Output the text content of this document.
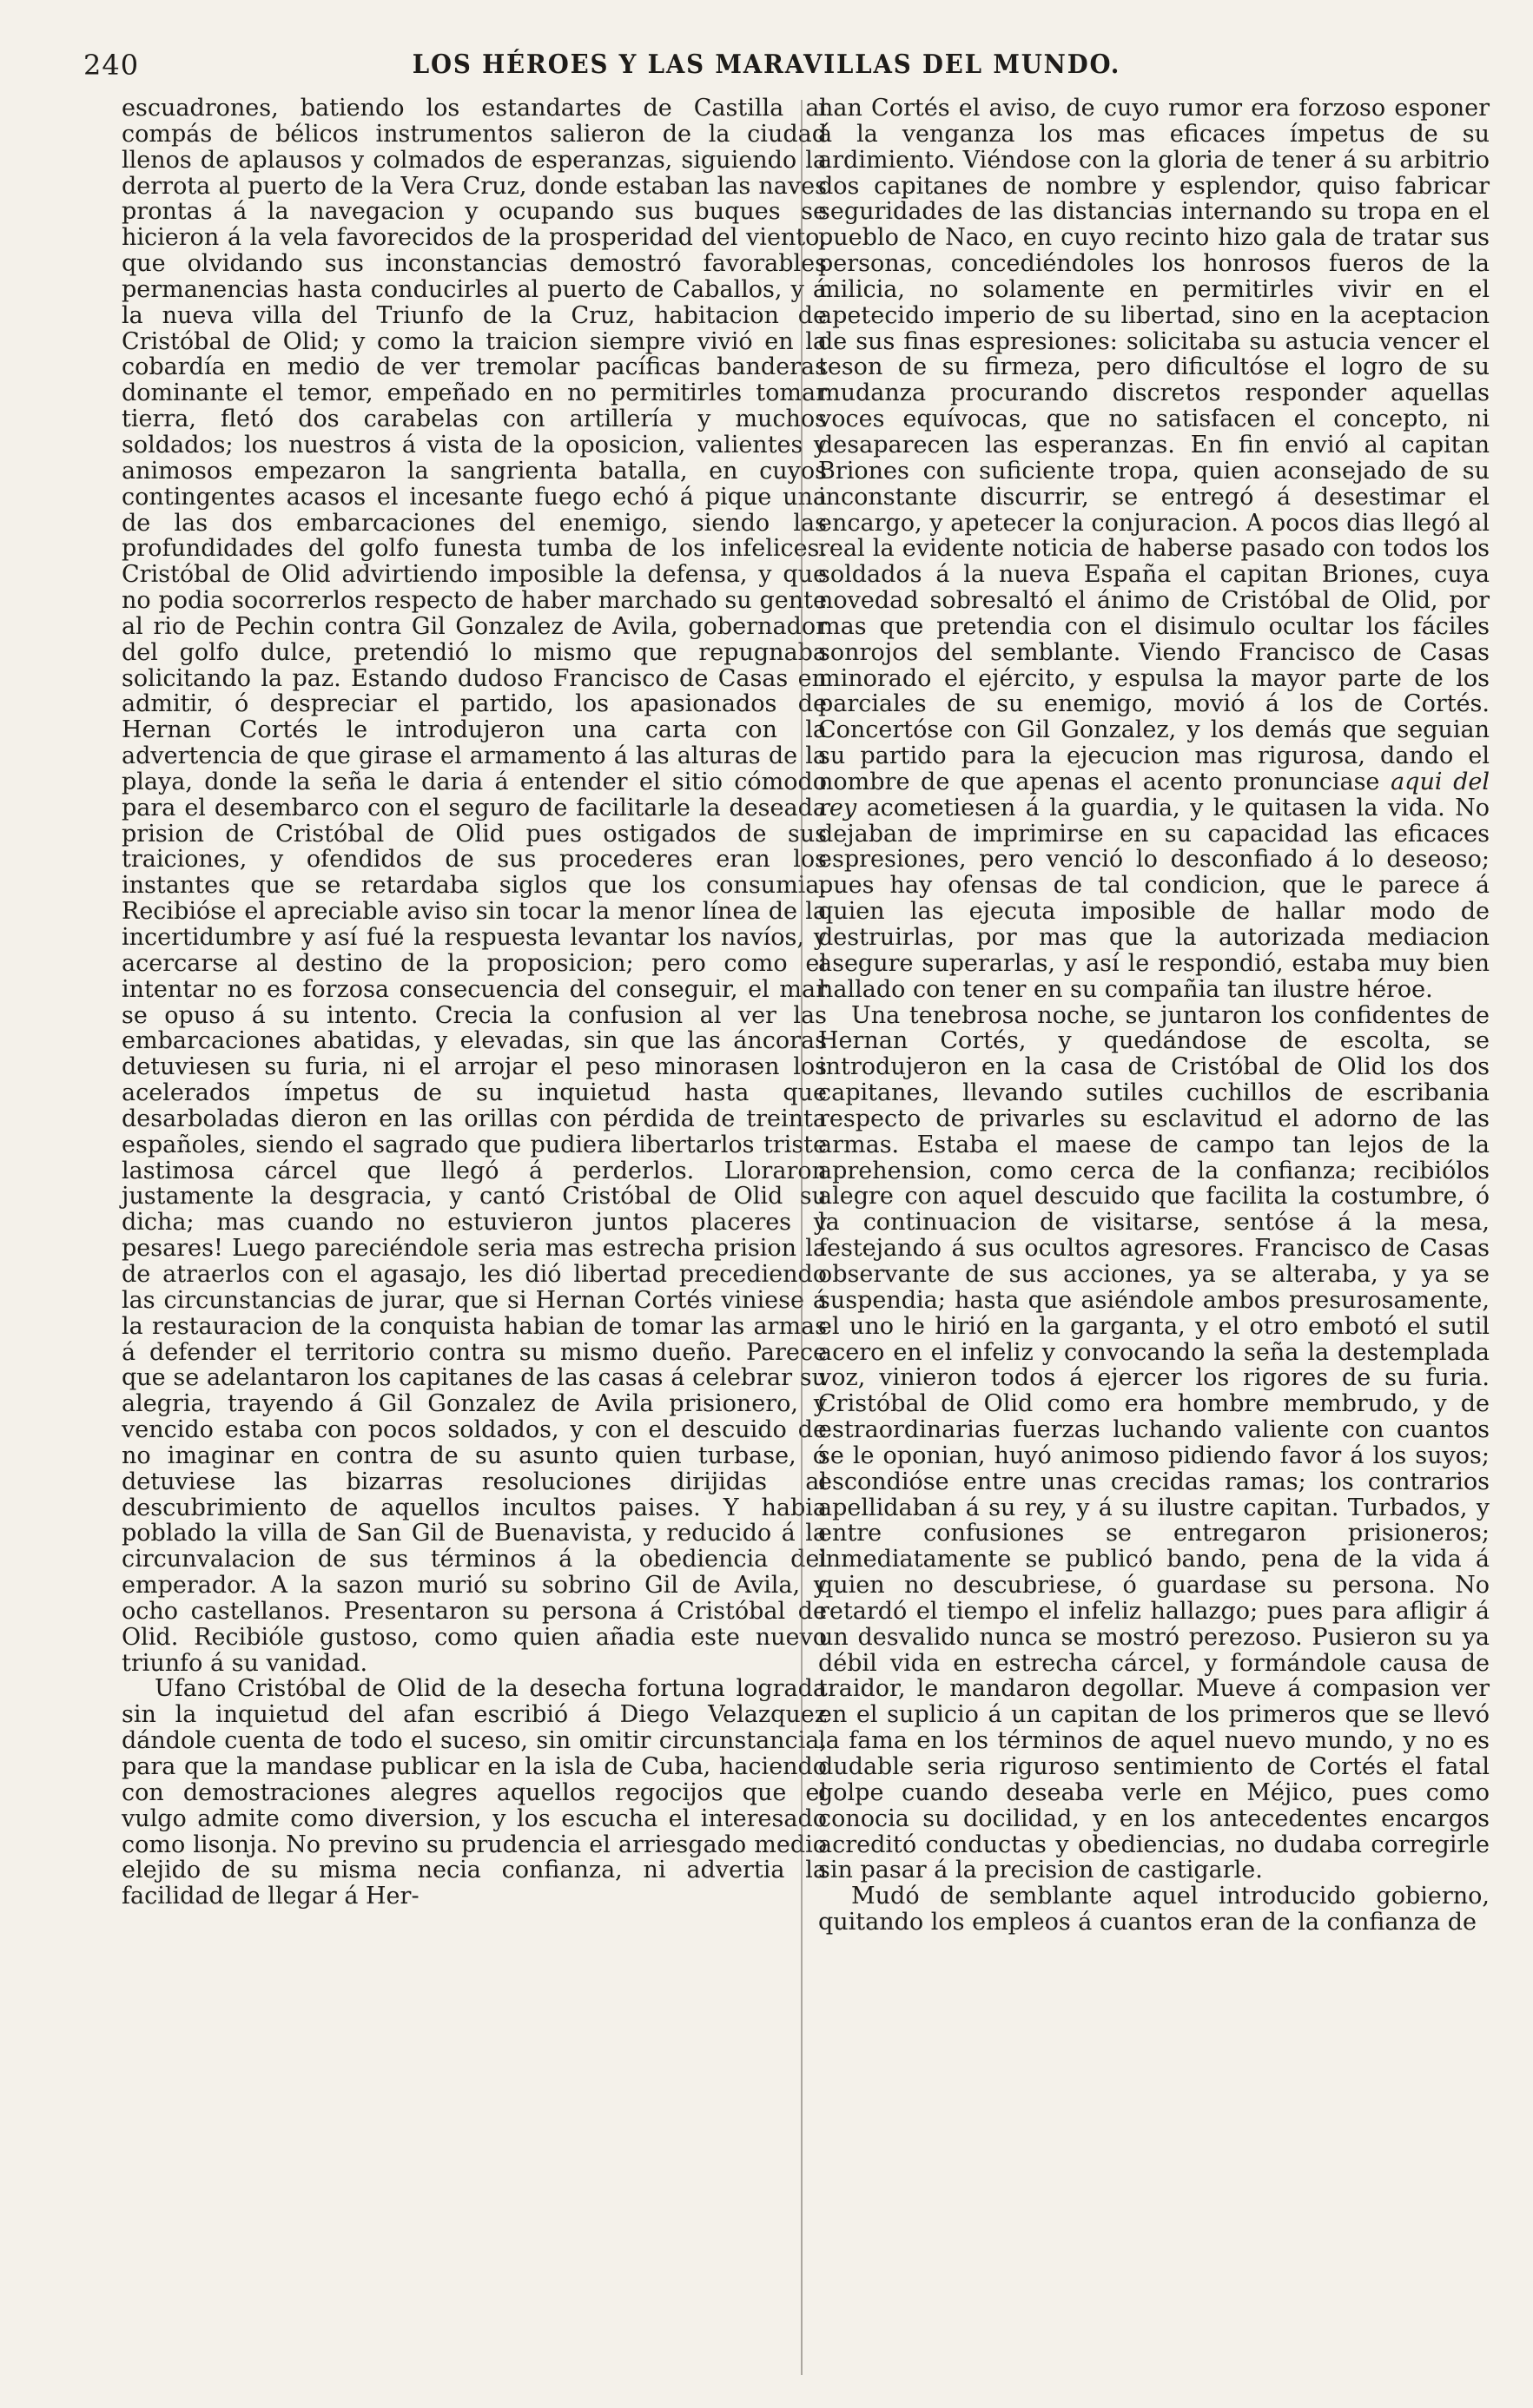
240	LOS HÉROES Y LAS MARAVILLAS DEL MUNDO.

escuadrones, batiendo los estandartes de Castilla al compás de bélicos instrumentos salieron de la ciudad llenos de aplausos y colmados de esperanzas, siguiendo la derrota al puerto de la Vera Cruz, donde estaban las naves prontas á la navegacion y ocupando sus buques se hicieron á la vela favorecidos de la prosperidad del viento, que olvidando sus inconstancias demostró favorables permanencias hasta conducirles al puerto de Caballos, y á la nueva villa del Triunfo de la Cruz, habitacion de Cristóbal de Olid; y como la traicion siempre vivió en la cobardía en medio de ver tremolar pacíficas banderas dominante el temor, empeñado en no permitirles tomar tierra, fletó dos carabelas con artillería y muchos soldados; los nuestros á vista de la oposicion, valientes y animosos empezaron la sangrienta batalla, en cuyos contingentes acasos el incesante fuego echó á pique una de las dos embarcaciones del enemigo, siendo las profundidades del golfo funesta tumba de los infelices. Cristóbal de Olid advirtiendo imposible la defensa, y que no podia socorrerlos respecto de haber marchado su gente al rio de Pechin contra Gil Gonzalez de Avila, gobernador del golfo dulce, pretendió lo mismo que repugnaba solicitando la paz. Estando dudoso Francisco de Casas en admitir, ó despreciar el partido, los apasionados de Hernan Cortés le introdujeron una carta con la advertencia de que girase el armamento á las alturas de la playa, donde la seña le daria á entender el sitio cómodo para el desembarco con el seguro de facilitarle la deseada prision de Cristóbal de Olid pues ostigados de sus traiciones, y ofendidos de sus procederes eran los instantes que se retardaba siglos que los consumia. Recibióse el apreciable aviso sin tocar la menor línea de la incertidumbre y así fué la respuesta levantar los navíos, y acercarse al destino de la proposicion; pero como el intentar no es forzosa consecuencia del conseguir, el mar se opuso á su intento. Crecia la confusion al ver las embarcaciones abatidas, y elevadas, sin que las áncoras detuviesen su furia, ni el arrojar el peso minorasen los acelerados ímpetus de su inquietud hasta que desarboladas dieron en las orillas con pérdida de treinta españoles, siendo el sagrado que pudiera libertarlos triste lastimosa cárcel que llegó á perderlos. Lloraron justamente la desgracia, y cantó Cristóbal de Olid su dicha; mas cuando no estuvieron juntos placeres y pesares! Luego pareciéndole seria mas estrecha prision la de atraerlos con el agasajo, les dió libertad precediendo las circunstancias de jurar, que si Hernan Cortés viniese á la restauracion de la conquista habian de tomar las armas á defender el territorio contra su mismo dueño. Parece que se adelantaron los capitanes de las casas á celebrar su alegria, trayendo á Gil Gonzalez de Avila prisionero, y vencido estaba con pocos soldados, y con el descuido de no imaginar en contra de su asunto quien turbase, ó detuviese las bizarras resoluciones dirijidas al descubrimiento de aquellos incultos paises. Y habia poblado la villa de San Gil de Buenavista, y reducido á la circunvalacion de sus términos á la obediencia del emperador. A la sazon murió su sobrino Gil de Avila, y ocho castellanos. Presentaron su persona á Cristóbal de Olid. Recibióle gustoso, como quien añadia este nuevo triunfo á su vanidad.

Ufano Cristóbal de Olid de la desecha fortuna lograda sin la inquietud del afan escribió á Diego Velazquez dándole cuenta de todo el suceso, sin omitir circunstancia, para que la mandase publicar en la isla de Cuba, haciendo con demostraciones alegres aquellos regocijos que el vulgo admite como diversion, y los escucha el interesado como lisonja. No previno su prudencia el arriesgado medio elejido de su misma necia confianza, ni advertia la facilidad de llegar á Her-

nan Cortés el aviso, de cuyo rumor era forzoso esponer á la venganza los mas eficaces ímpetus de su ardimiento. Viéndose con la gloria de tener á su arbitrio dos capitanes de nombre y esplendor, quiso fabricar seguridades de las distancias internando su tropa en el pueblo de Naco, en cuyo recinto hizo gala de tratar sus personas, concediéndoles los honrosos fueros de la milicia, no solamente en permitirles vivir en el apetecido imperio de su libertad, sino en la aceptacion de sus finas espresiones: solicitaba su astucia vencer el teson de su firmeza, pero dificultóse el logro de su mudanza procurando discretos responder aquellas voces equívocas, que no satisfacen el concepto, ni desaparecen las esperanzas. En fin envió al capitan Briones con suficiente tropa, quien aconsejado de su inconstante discurrir, se entregó á desestimar el encargo, y apetecer la conjuracion. A pocos dias llegó al real la evidente noticia de haberse pasado con todos los soldados á la nueva España el capitan Briones, cuya novedad sobresaltó el ánimo de Cristóbal de Olid, por mas que pretendia con el disimulo ocultar los fáciles sonrojos del semblante. Viendo Francisco de Casas minorado el ejército, y espulsa la mayor parte de los parciales de su enemigo, movió á los de Cortés. Concertóse con Gil Gonzalez, y los demás que seguian su partido para la ejecucion mas rigurosa, dando el nombre de que apenas el acento pronunciase aqui del rey acometiesen á la guardia, y le quitasen la vida. No dejaban de imprimirse en su capacidad las eficaces espresiones, pero venció lo desconfiado á lo deseoso; pues hay ofensas de tal condicion, que le parece á quien las ejecuta imposible de hallar modo de destruirlas, por mas que la autorizada mediacion asegure superarlas, y así le respondió, estaba muy bien hallado con tener en su compañia tan ilustre héroe.

Una tenebrosa noche, se juntaron los confidentes de Hernan Cortés, y quedándose de escolta, se introdujeron en la casa de Cristóbal de Olid los dos capitanes, llevando sutiles cuchillos de escribania respecto de privarles su esclavitud el adorno de las armas. Estaba el maese de campo tan lejos de la aprehension, como cerca de la confianza; recibiólos alegre con aquel descuido que facilita la costumbre, ó la continuacion de visitarse, sentóse á la mesa, festejando á sus ocultos agresores. Francisco de Casas observante de sus acciones, ya se alteraba, y ya se suspendia; hasta que asiéndole ambos presurosamente, el uno le hirió en la garganta, y el otro embotó el sutil acero en el infeliz y convocando la seña la destemplada voz, vinieron todos á ejercer los rigores de su furia. Cristóbal de Olid como era hombre membrudo, y de estraordinarias fuerzas luchando valiente con cuantos se le oponian, huyó animoso pidiendo favor á los suyos; escondióse entre unas crecidas ramas; los contrarios apellidaban á su rey, y á su ilustre capitan. Turbados, y entre confusiones se entregaron prisioneros; inmediatamente se publicó bando, pena de la vida á quien no descubriese, ó guardase su persona. No retardó el tiempo el infeliz hallazgo; pues para afligir á un desvalido nunca se mostró perezoso. Pusieron su ya débil vida en estrecha cárcel, y formándole causa de traidor, le mandaron degollar. Mueve á compasion ver en el suplicio á un capitan de los primeros que se llevó la fama en los términos de aquel nuevo mundo, y no es dudable seria riguroso sentimiento de Cortés el fatal golpe cuando deseaba verle en Méjico, pues como conocia su docilidad, y en los antecedentes encargos acreditó conductas y obediencias, no dudaba corregirle sin pasar á la precision de castigarle.

Mudó de semblante aquel introducido gobierno, quitando los empleos á cuantos eran de la confianza de
